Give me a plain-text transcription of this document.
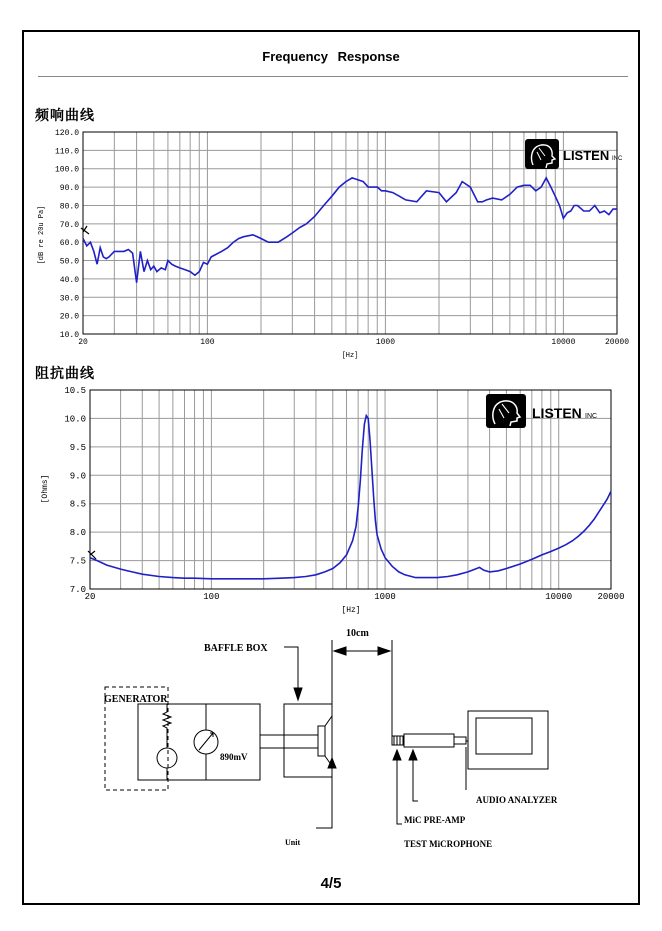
Frequency Response
频响曲线
阻抗曲线
120.0
110.0
100.0
90.0
80.0
70.0
60.0
50.0
40.0
30.0
20.0
10.0
20	100	1000	10000	20000
[dB re 20u Pa]
[Hz]
LISTEN INC
10.5
10.0
9.5
9.0
8.5
8.0
7.5
7.0
20	100	1000	10000	20000
[Ohms]
[Hz]
LISTEN INC
GENERATOR
890mV
BAFFLE BOX
Unit
10cm
AUDIO ANALYZER
MiC PRE-AMP
TEST MiCROPHONE
4/5
